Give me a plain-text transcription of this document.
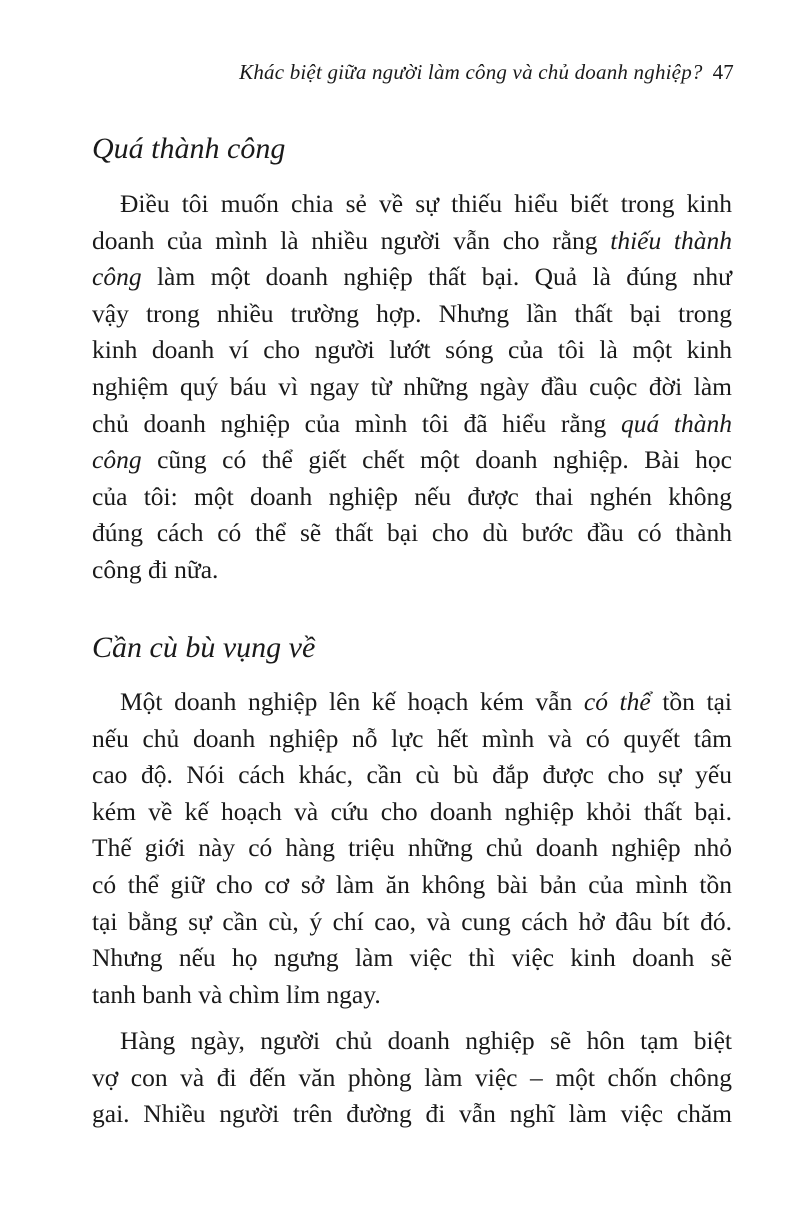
Khác biệt giữa người làm công và chủ doanh nghiệp? 47
Quá thành công

Điều tôi muốn chia sẻ về sự thiếu hiểu biết trong kinh
doanh của mình là nhiều người vẫn cho rằng thiếu thành
công làm một doanh nghiệp thất bại. Quả là đúng như
vậy trong nhiều trường hợp. Nhưng lần thất bại trong
kinh doanh ví cho người lướt sóng của tôi là một kinh
nghiệm quý báu vì ngay từ những ngày đầu cuộc đời làm
chủ doanh nghiệp của mình tôi đã hiểu rằng quá thành
công cũng có thể giết chết một doanh nghiệp. Bài học
của tôi: một doanh nghiệp nếu được thai nghén không
đúng cách có thể sẽ thất bại cho dù bước đầu có thành
công đi nữa.

Cần cù bù vụng về

Một doanh nghiệp lên kế hoạch kém vẫn có thể tồn tại
nếu chủ doanh nghiệp nỗ lực hết mình và có quyết tâm
cao độ. Nói cách khác, cần cù bù đắp được cho sự yếu
kém về kế hoạch và cứu cho doanh nghiệp khỏi thất bại.
Thế giới này có hàng triệu những chủ doanh nghiệp nhỏ
có thể giữ cho cơ sở làm ăn không bài bản của mình tồn
tại bằng sự cần cù, ý chí cao, và cung cách hở đâu bít đó.
Nhưng nếu họ ngưng làm việc thì việc kinh doanh sẽ
tanh banh và chìm lỉm ngay.

Hàng ngày, người chủ doanh nghiệp sẽ hôn tạm biệt
vợ con và đi đến văn phòng làm việc – một chốn chông
gai. Nhiều người trên đường đi vẫn nghĩ làm việc chăm
